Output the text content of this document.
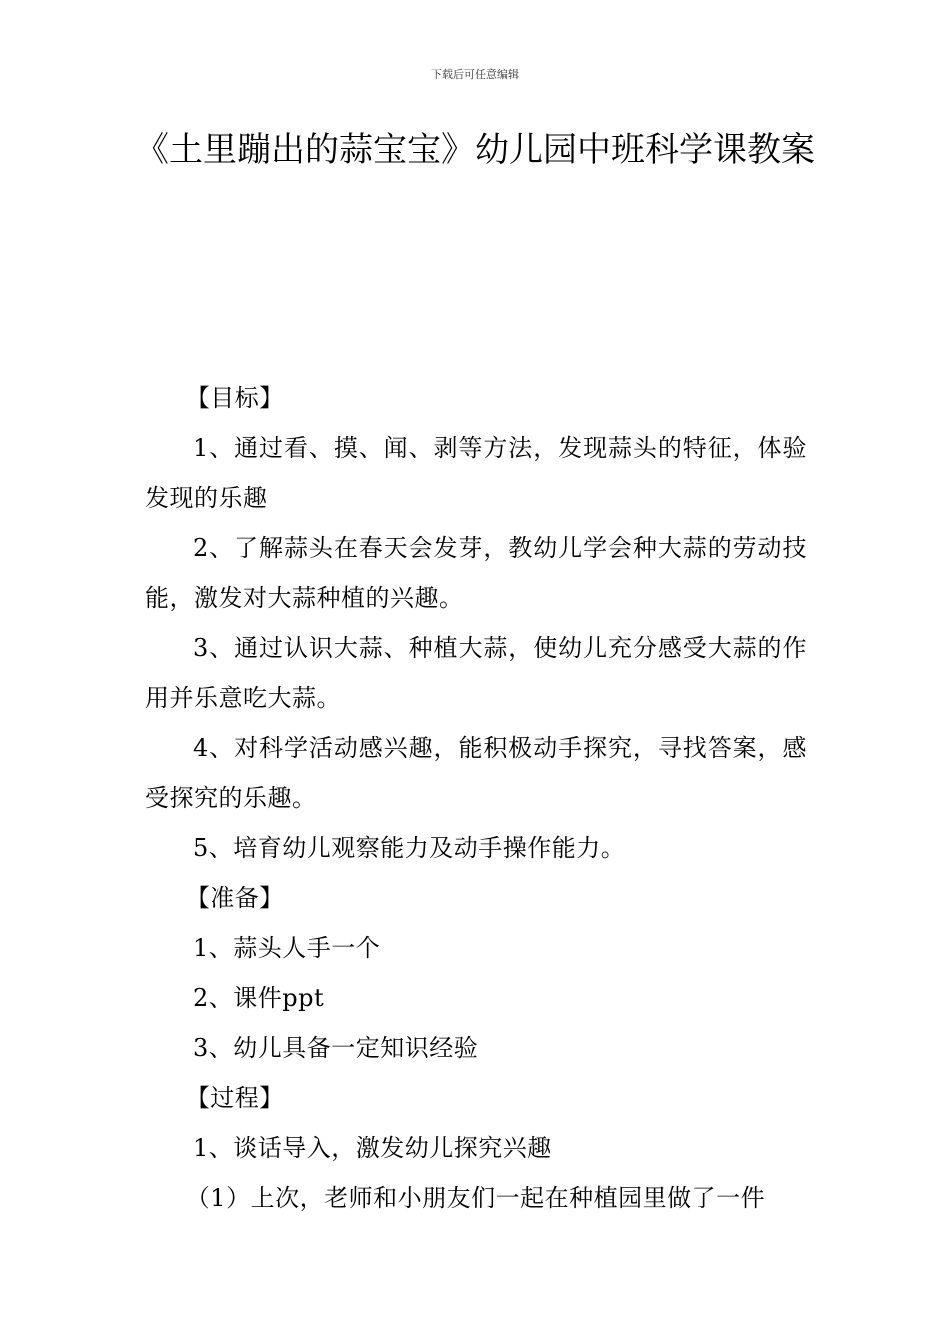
下载后可任意编辑
《土里蹦出的蒜宝宝》幼儿园中班科学课教案

【目标】

1、通过看、摸、闻、剥等方法，发现蒜头的特征，体验发现的乐趣

2、了解蒜头在春天会发芽，教幼儿学会种大蒜的劳动技能，激发对大蒜种植的兴趣。

3、通过认识大蒜、种植大蒜，使幼儿充分感受大蒜的作用并乐意吃大蒜。

4、对科学活动感兴趣，能积极动手探究，寻找答案，感受探究的乐趣。

5、培育幼儿观察能力及动手操作能力。

【准备】

1、蒜头人手一个

2、课件ppt

3、幼儿具备一定知识经验

【过程】

1、谈话导入，激发幼儿探究兴趣

（1）上次，老师和小朋友们一起在种植园里做了一件
